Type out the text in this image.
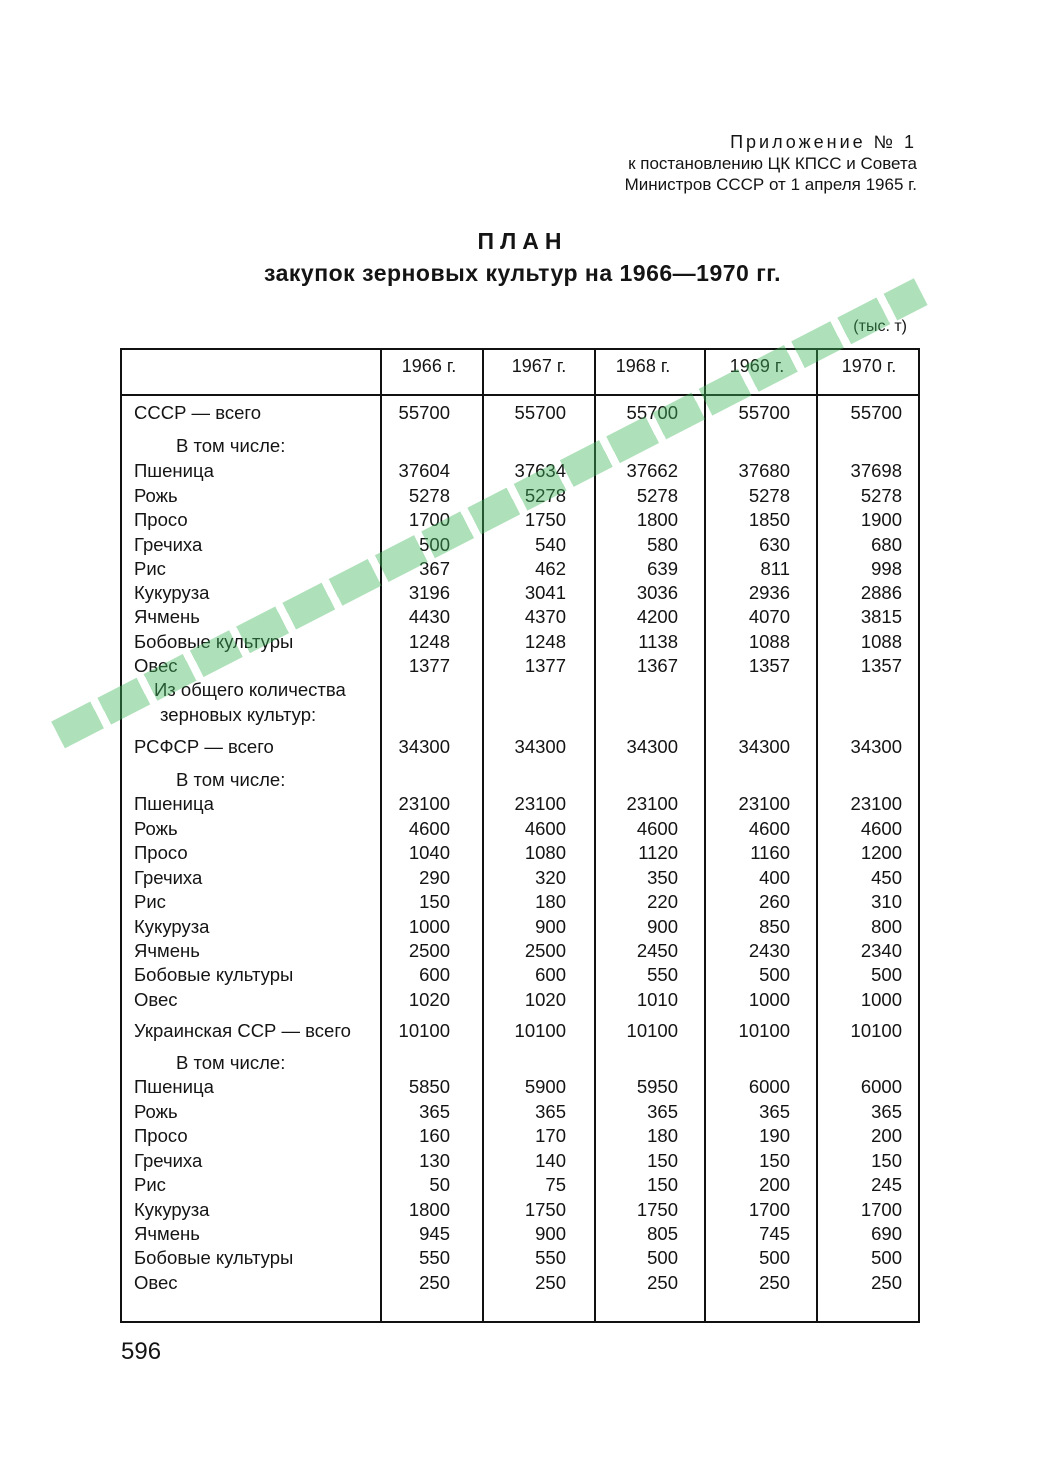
Приложение № 1
к постановлению ЦК КПСС и Совета
Министров СССР от 1 апреля 1965 г.
ПЛАН
закупок зерновых культур на 1966—1970 гг.
(тыс. т)
1966 г.	1967 г.	1968 г.	1969 г.	1970 г.
СССР — всего	55700	55700	55700	55700	55700
В том числе:
Пшеница	37604	37634	37662	37680	37698
Рожь	5278	5278	5278	5278	5278
Просо	1700	1750	1800	1850	1900
Гречиха	500	540	580	630	680
Рис	367	462	639	811	998
Кукуруза	3196	3041	3036	2936	2886
Ячмень	4430	4370	4200	4070	3815
Бобовые культуры	1248	1248	1138	1088	1088
Овес	1377	1377	1367	1357	1357
Из общего количества
зерновых культур:
РСФСР — всего	34300	34300	34300	34300	34300
В том числе:
Пшеница	23100	23100	23100	23100	23100
Рожь	4600	4600	4600	4600	4600
Просо	1040	1080	1120	1160	1200
Гречиха	290	320	350	400	450
Рис	150	180	220	260	310
Кукуруза	1000	900	900	850	800
Ячмень	2500	2500	2450	2430	2340
Бобовые культуры	600	600	550	500	500
Овес	1020	1020	1010	1000	1000
Украинская ССР — всего	10100	10100	10100	10100	10100
В том числе:
Пшеница	5850	5900	5950	6000	6000
Рожь	365	365	365	365	365
Просо	160	170	180	190	200
Гречиха	130	140	150	150	150
Рис	50	75	150	200	245
Кукуруза	1800	1750	1750	1700	1700
Ячмень	945	900	805	745	690
Бобовые культуры	550	550	500	500	500
Овес	250	250	250	250	250
596
